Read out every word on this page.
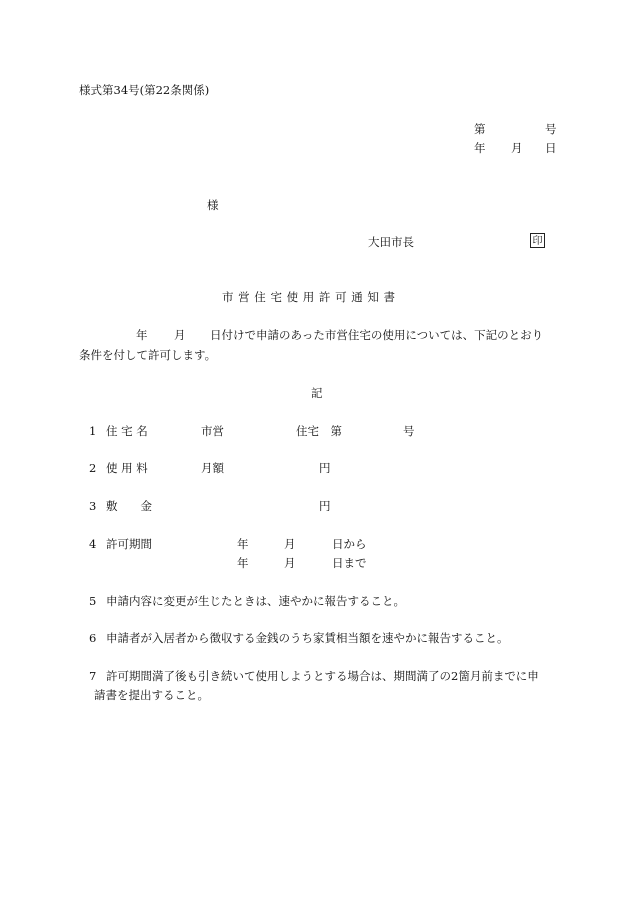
様式第34号(第22条関係)
第	号
年 月 日
様
大田市長	印
市 営 住 宅 使 用 許 可 通 知 書
年 月 日付けで申請のあった市営住宅の使用については、下記のとおり
条件を付して許可します。
記
1 住 宅 名	市営	住宅　第	号
2 使 用 料	月額	円
3 敷　　金	円
4 許可期間	年	月	日から
年	月	日まで
5 申請内容に変更が生じたときは、速やかに報告すること。
6 申請者が入居者から徴収する金銭のうち家賃相当額を速やかに報告すること。
7 許可期間満了後も引き続いて使用しようとする場合は、期間満了の2箇月前までに申
請書を提出すること。
